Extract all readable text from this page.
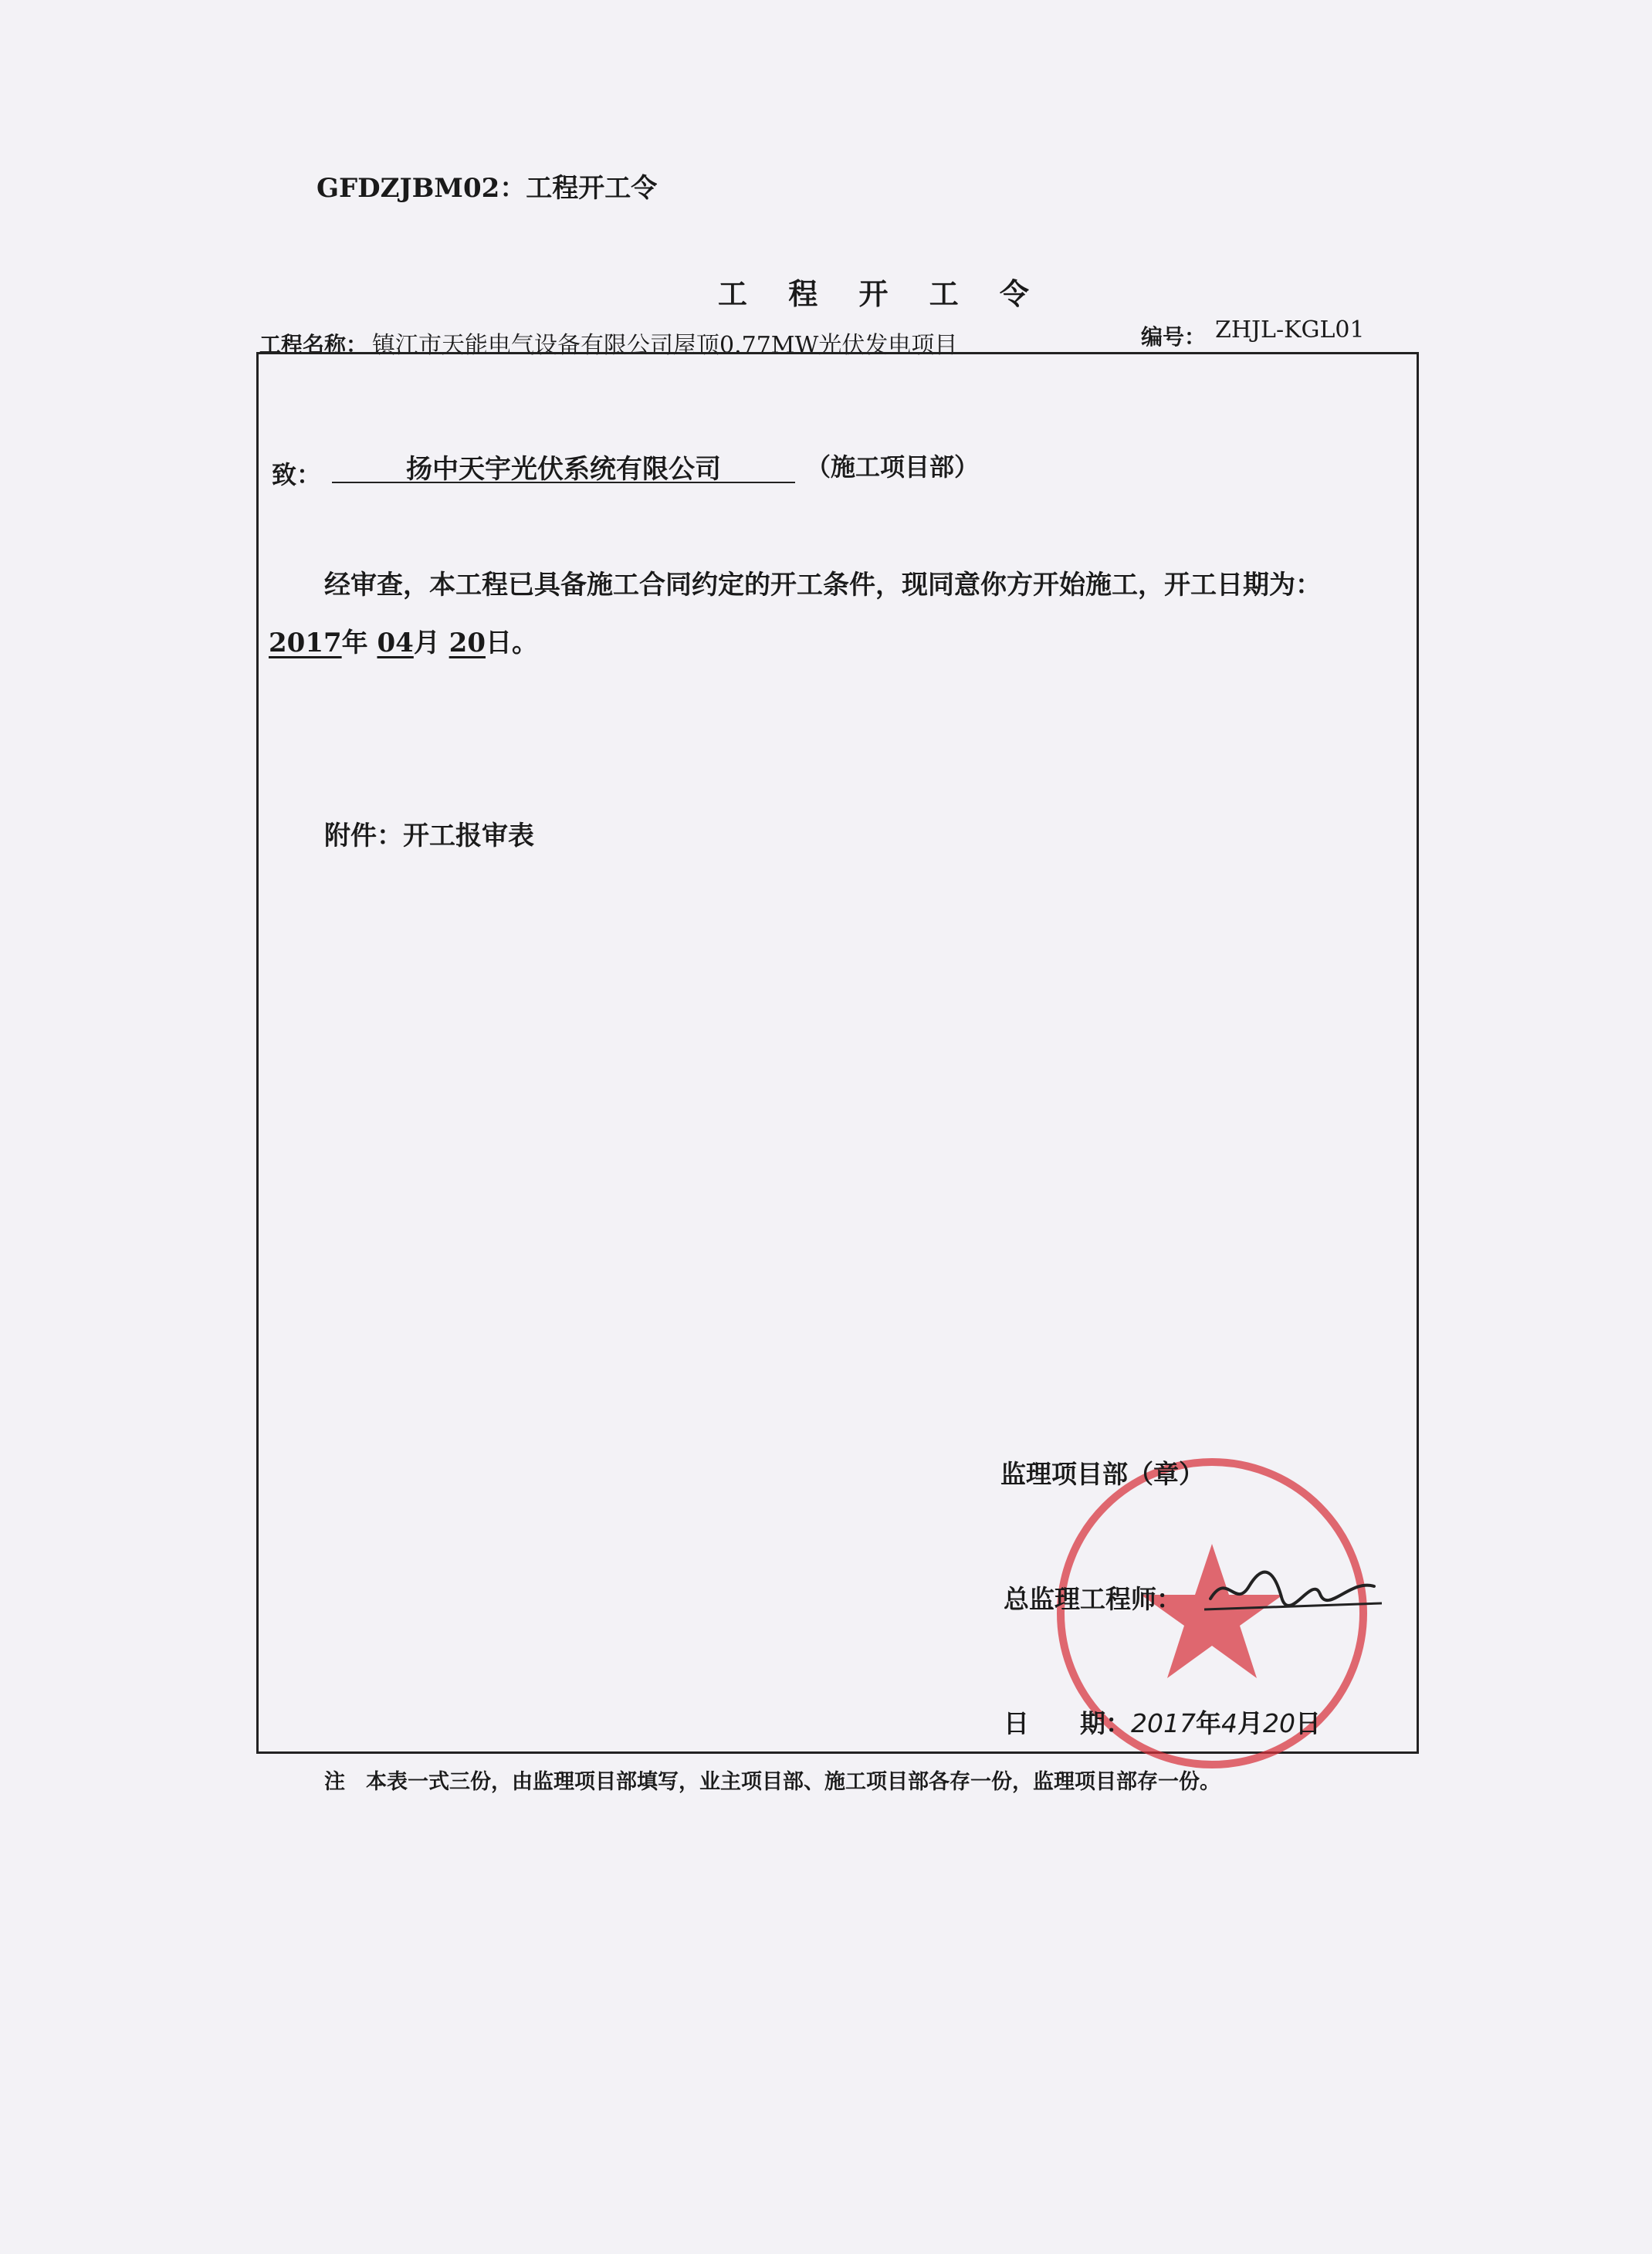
GFDZJBM02：工程开工令
工 程 开 工 令
工程名称： 镇江市天能电气设备有限公司屋顶0.77MW光伏发电项目	编号： ZHJL-KGL01
致：	扬中天宇光伏系统有限公司	（施工项目部）
经审查，本工程已具备施工合同约定的开工条件，现同意你方开始施工，开工日期为：
2017年 04月 20日。
附件：开工报审表
监理项目部（章）
总监理工程师：
日　　期：2017年4月20日
注　本表一式三份，由监理项目部填写，业主项目部、施工项目部各存一份，监理项目部存一份。
